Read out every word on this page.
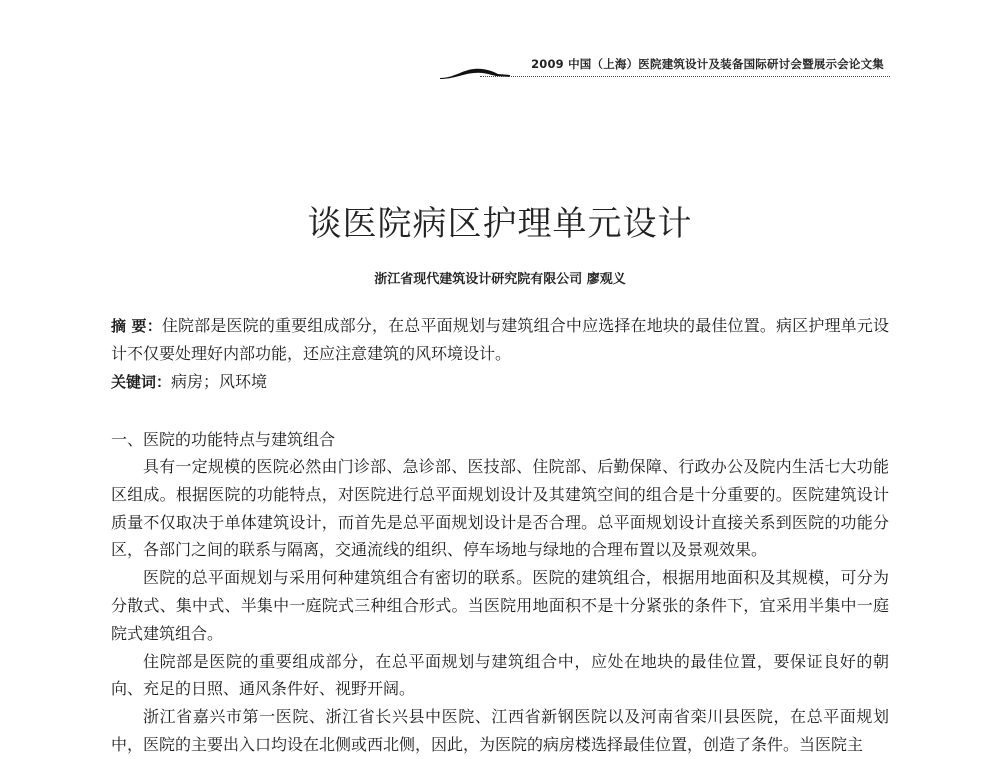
2009 中国（上海）医院建筑设计及装备国际研讨会暨展示会论文集
谈医院病区护理单元设计
浙江省现代建筑设计研究院有限公司 廖观义

摘 要：住院部是医院的重要组成部分，在总平面规划与建筑组合中应选择在地块的最佳位置。病区护理单元设计不仅要处理好内部功能，还应注意建筑的风环境设计。

关键词：病房；风环境

一、医院的功能特点与建筑组合

具有一定规模的医院必然由门诊部、急诊部、医技部、住院部、后勤保障、行政办公及院内生活七大功能区组成。根据医院的功能特点，对医院进行总平面规划设计及其建筑空间的组合是十分重要的。医院建筑设计质量不仅取决于单体建筑设计，而首先是总平面规划设计是否合理。总平面规划设计直接关系到医院的功能分区，各部门之间的联系与隔离，交通流线的组织、停车场地与绿地的合理布置以及景观效果。

医院的总平面规划与采用何种建筑组合有密切的联系。医院的建筑组合，根据用地面积及其规模，可分为分散式、集中式、半集中一庭院式三种组合形式。当医院用地面积不是十分紧张的条件下，宜采用半集中一庭院式建筑组合。

住院部是医院的重要组成部分，在总平面规划与建筑组合中，应处在地块的最佳位置，要保证良好的朝向、充足的日照、通风条件好、视野开阔。

浙江省嘉兴市第一医院、浙江省长兴县中医院、江西省新钢医院以及河南省栾川县医院，在总平面规划中，医院的主要出入口均设在北侧或西北侧，因此，为医院的病房楼选择最佳位置，创造了条件。当医院主
